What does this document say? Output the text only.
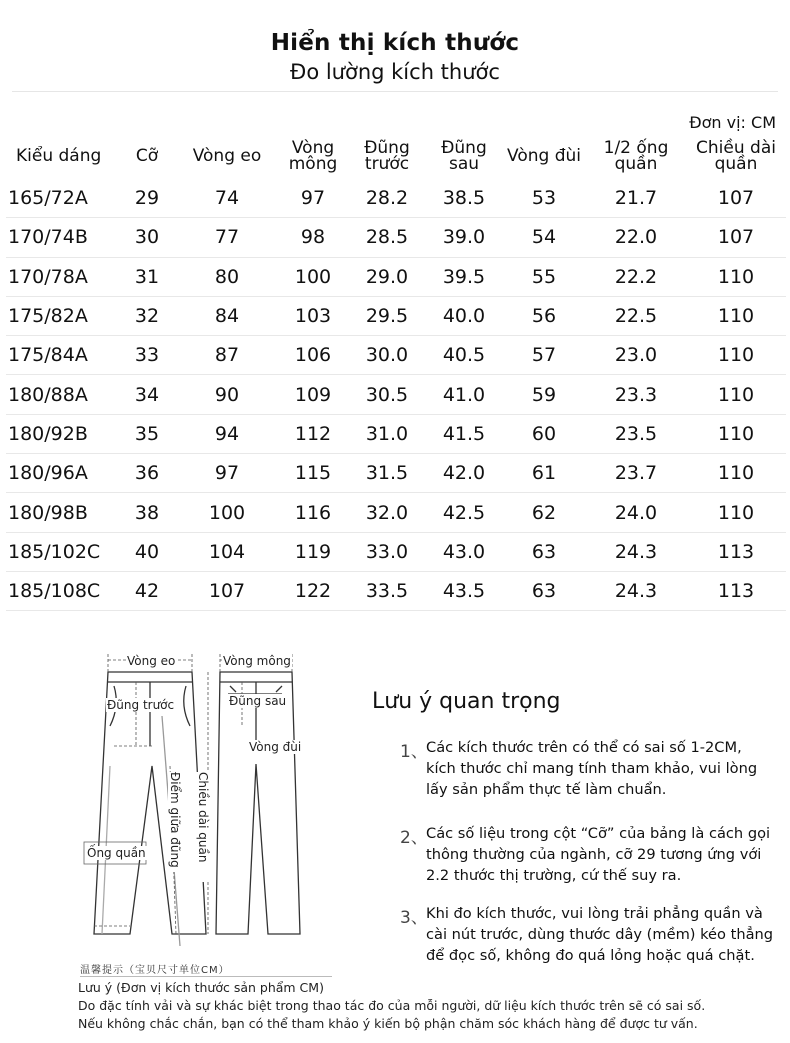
Hiển thị kích thước
Đo lường kích thước
Đơn vị: CM
Kiểu dáng	Cỡ	Vòng eo	Vòng mông	Đũng trước	Đũng sau	Vòng đùi	1/2 ống quần	Chiều dài quần
165/72A	29	74	97	28.2	38.5	53	21.7	107
170/74B	30	77	98	28.5	39.0	54	22.0	107
170/78A	31	80	100	29.0	39.5	55	22.2	110
175/82A	32	84	103	29.5	40.0	56	22.5	110
175/84A	33	87	106	30.0	40.5	57	23.0	110
180/88A	34	90	109	30.5	41.0	59	23.3	110
180/92B	35	94	112	31.0	41.5	60	23.5	110
180/96A	36	97	115	31.5	42.0	61	23.7	110
180/98B	38	100	116	32.0	42.5	62	24.0	110
185/102C	40	104	119	33.0	43.0	63	24.3	113
185/108C	42	107	122	33.5	43.5	63	24.3	113
Vòng eo	Vòng mông
Đũng trước	Đũng sau
Vòng đùi
Điểm giữa đũng Chiều dài quần
Ống quần
温馨提示（宝贝尺寸单位CM）
Lưu ý (Đơn vị kích thước sản phẩm CM)
Do đặc tính vải và sự khác biệt trong thao tác đo của mỗi người, dữ liệu kích thước trên sẽ có sai số.
Nếu không chắc chắn, bạn có thể tham khảo ý kiến bộ phận chăm sóc khách hàng để được tư vấn.
Lưu ý quan trọng
1、
Các kích thước trên có thể có sai số 1-2CM, kích thước chỉ mang tính tham khảo, vui lòng lấy sản phẩm thực tế làm chuẩn.
2、
Các số liệu trong cột “Cỡ” của bảng là cách gọi thông thường của ngành, cỡ 29 tương ứng với 2.2 thước thị trường, cứ thế suy ra.
3、
Khi đo kích thước, vui lòng trải phẳng quần và cài nút trước, dùng thước dây (mềm) kéo thẳng để đọc số, không đo quá lỏng hoặc quá chặt.
